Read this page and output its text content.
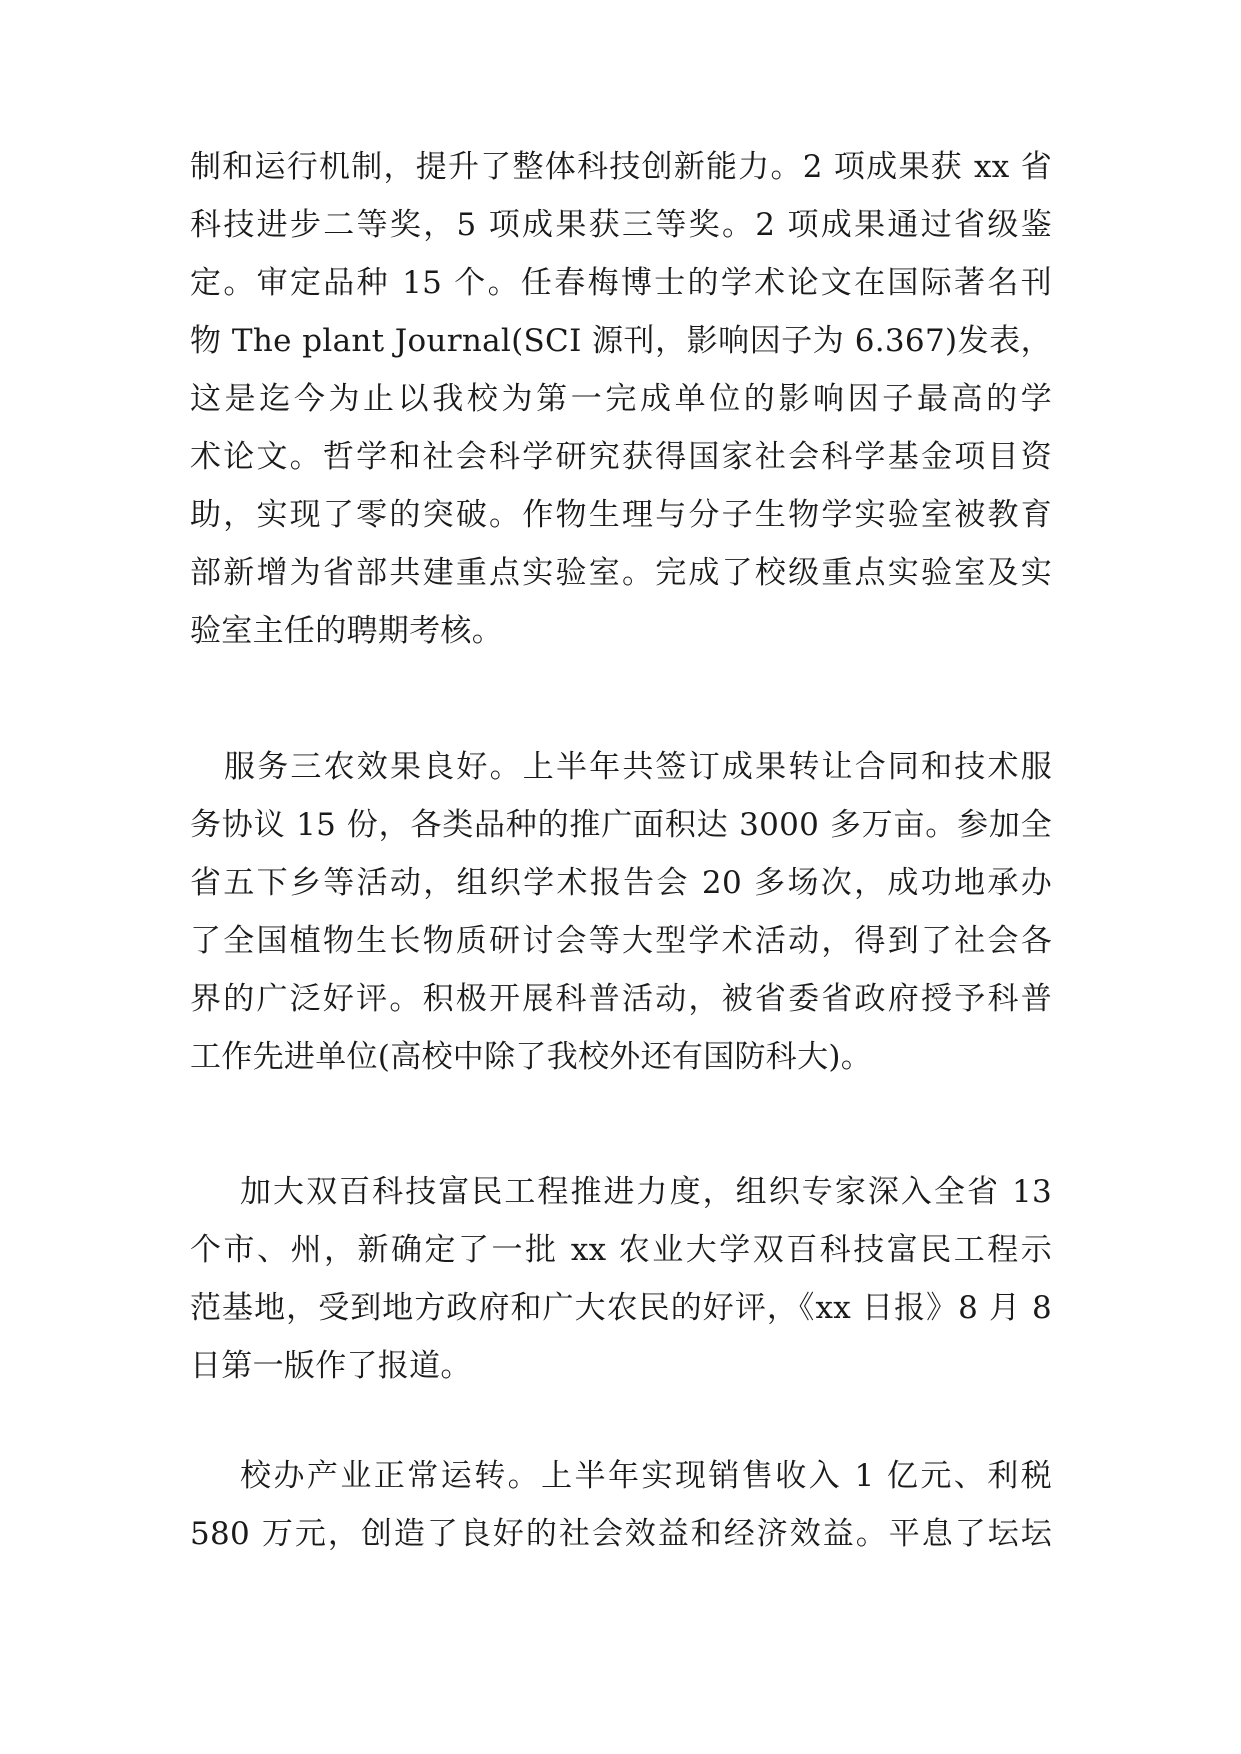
制和运行机制，提升了整体科技创新能力。2 项成果获 xx 省
科技进步二等奖，5 项成果获三等奖。2 项成果通过省级鉴
定。审定品种 15 个。任春梅博士的学术论文在国际著名刊
物 The plant Journal(SCI 源刊，影响因子为 6.367)发表，
这是迄今为止以我校为第一完成单位的影响因子最高的学
术论文。哲学和社会科学研究获得国家社会科学基金项目资
助，实现了零的突破。作物生理与分子生物学实验室被教育
部新增为省部共建重点实验室。完成了校级重点实验室及实
验室主任的聘期考核。
服务三农效果良好。上半年共签订成果转让合同和技术服
务协议 15 份，各类品种的推广面积达 3000 多万亩。参加全
省五下乡等活动，组织学术报告会 20 多场次，成功地承办
了全国植物生长物质研讨会等大型学术活动，得到了社会各
界的广泛好评。积极开展科普活动，被省委省政府授予科普
工作先进单位(高校中除了我校外还有国防科大)。
加大双百科技富民工程推进力度，组织专家深入全省 13
个市、州，新确定了一批 xx 农业大学双百科技富民工程示
范基地，受到地方政府和广大农民的好评，《xx 日报》8 月 8
日第一版作了报道。
校办产业正常运转。上半年实现销售收入 1 亿元、利税
580 万元，创造了良好的社会效益和经济效益。平息了坛坛
